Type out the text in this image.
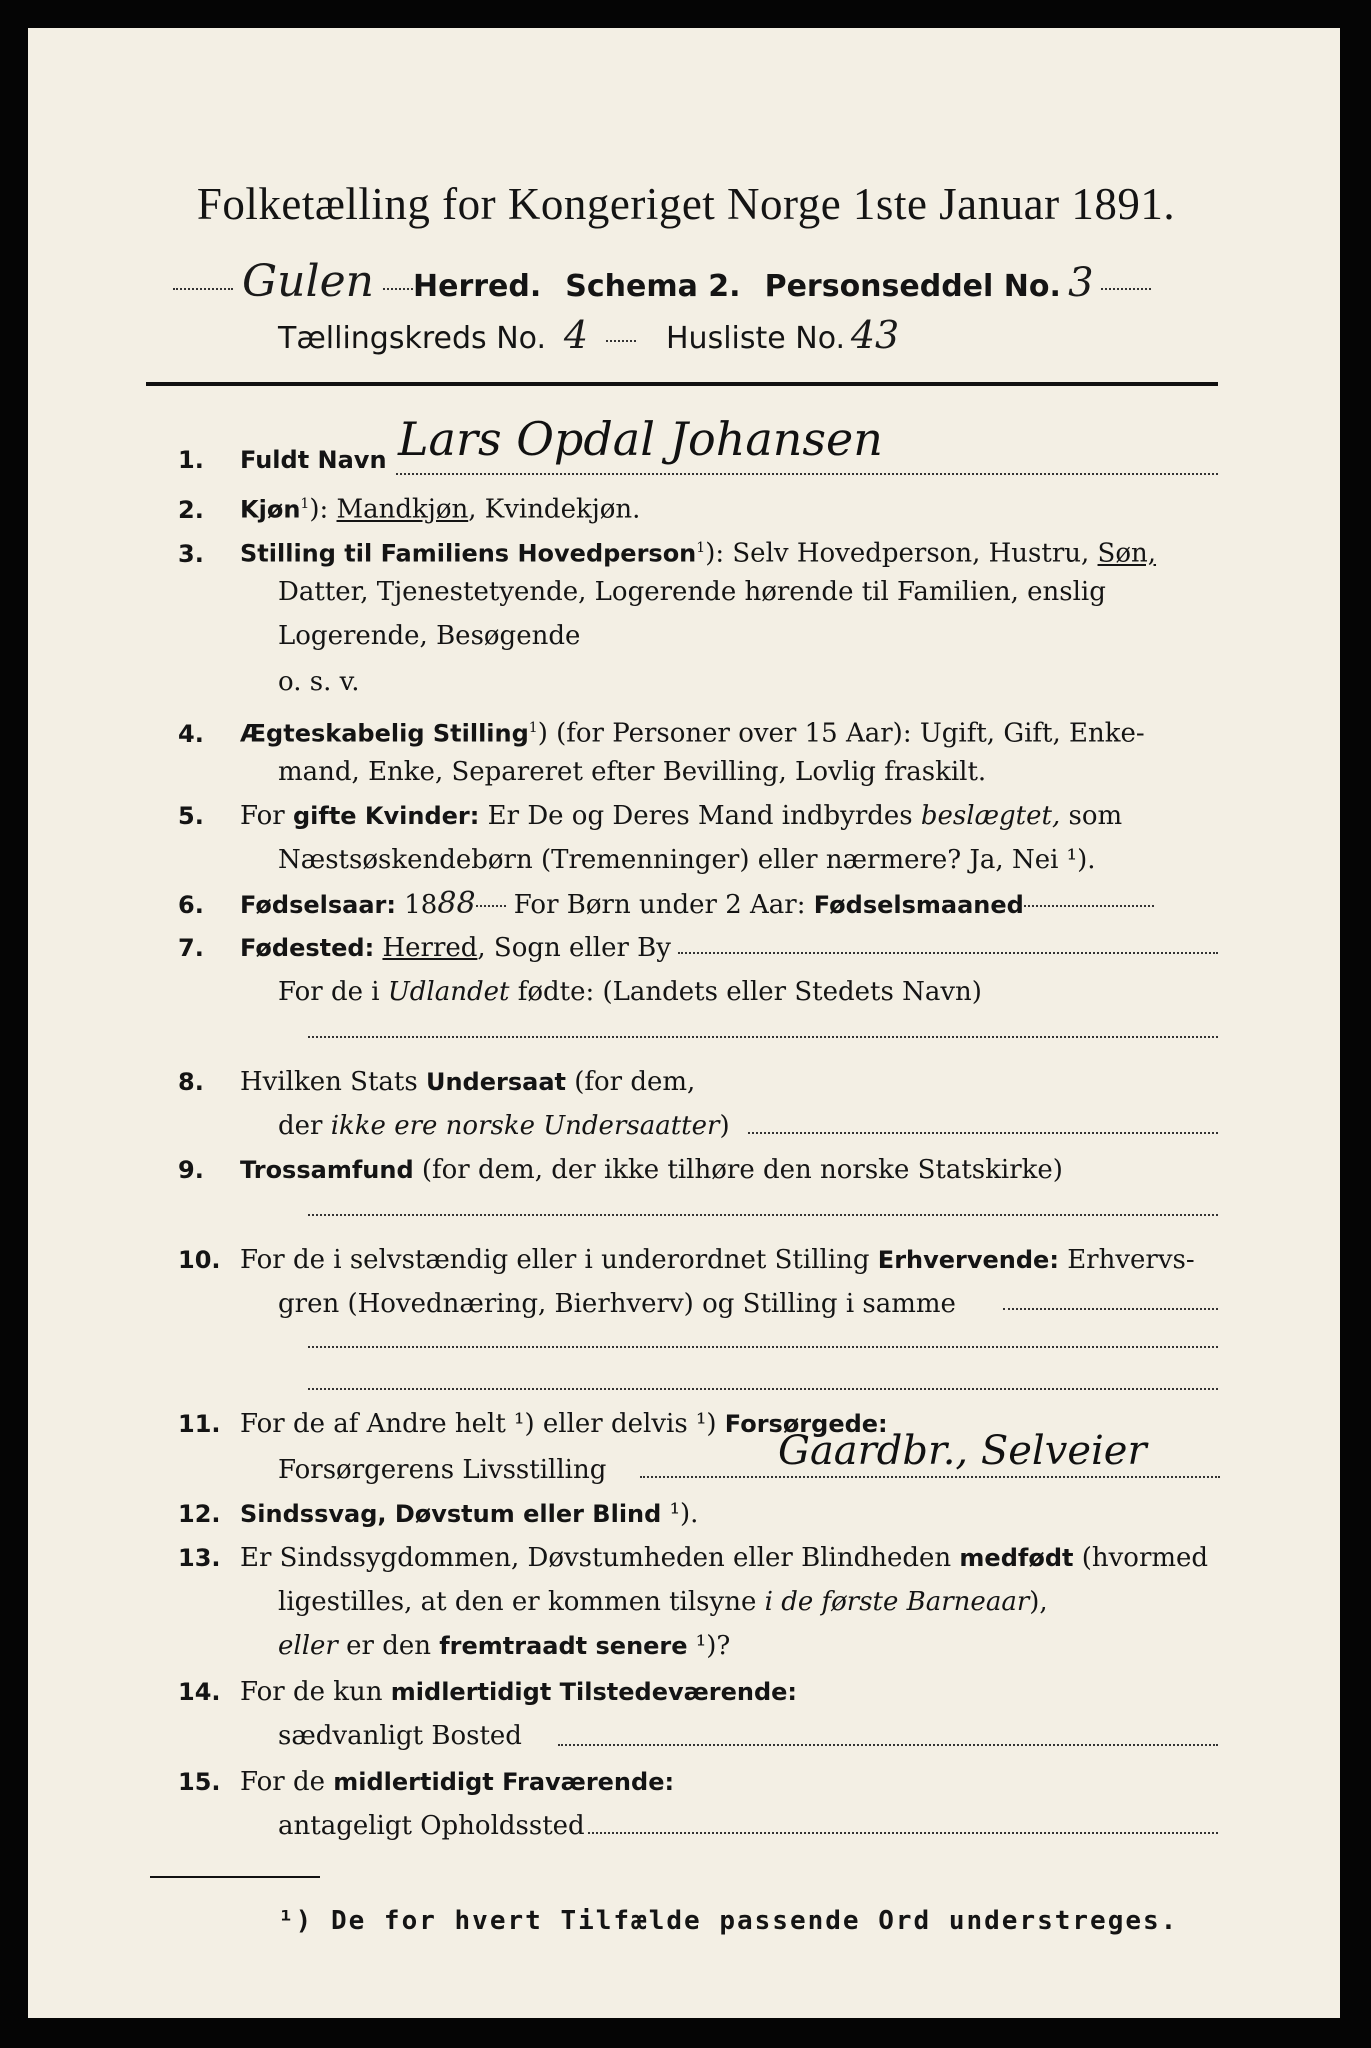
Folketælling for Kongeriget Norge 1ste Januar 1891.
Gulen	Herred. Schema 2. Personseddel No. 3
Tællingskreds No. 4	Husliste No. 43
1. Fuldt Navn Lars Opdal Johansen
2. Kjøn$^1$): Mandkjøn, Kvindekjøn.
3. Stilling til Familiens Hovedperson$^1$): Selv Hovedperson, Hustru, Søn,
Datter, Tjenestetyende, Logerende hørende til Familien, enslig
Logerende, Besøgende
o. s. v.
4. Ægteskabelig Stilling$^1$) (for Personer over 15 Aar): Ugift, Gift, Enke-
mand, Enke, Separeret efter Bevilling, Lovlig fraskilt.
5. For gifte Kvinder: Er De og Deres Mand indbyrdes beslægtet, som
Næstsøskendebørn (Tremenninger) eller nærmere? Ja, Nei ¹).
6. Fødselsaar: 1888 For Børn under 2 Aar: Fødselsmaaned
7. Fødested: Herred, Sogn eller By
For de i Udlandet fødte: (Landets eller Stedets Navn)
8. Hvilken Stats Undersaat (for dem,
der ikke ere norske Undersaatter)
9. Trossamfund (for dem, der ikke tilhøre den norske Statskirke)
10. For de i selvstændig eller i underordnet Stilling Erhvervende: Erhvervs-
gren (Hovednæring, Bierhverv) og Stilling i samme
11. For de af Andre helt ¹) eller delvis ¹) Forsørgede:
Forsørgerens Livsstilling	Gaardbr., Selveier
12. Sindssvag, Døvstum eller Blind ¹).
13. Er Sindssygdommen, Døvstumheden eller Blindheden medfødt (hvormed
ligestilles, at den er kommen tilsyne i de første Barneaar),
eller er den fremtraadt senere ¹)?
14. For de kun midlertidigt Tilstedeværende:
sædvanligt Bosted
15. For de midlertidigt Fraværende:
antageligt Opholdssted
¹) De for hvert Tilfælde passende Ord understreges.
